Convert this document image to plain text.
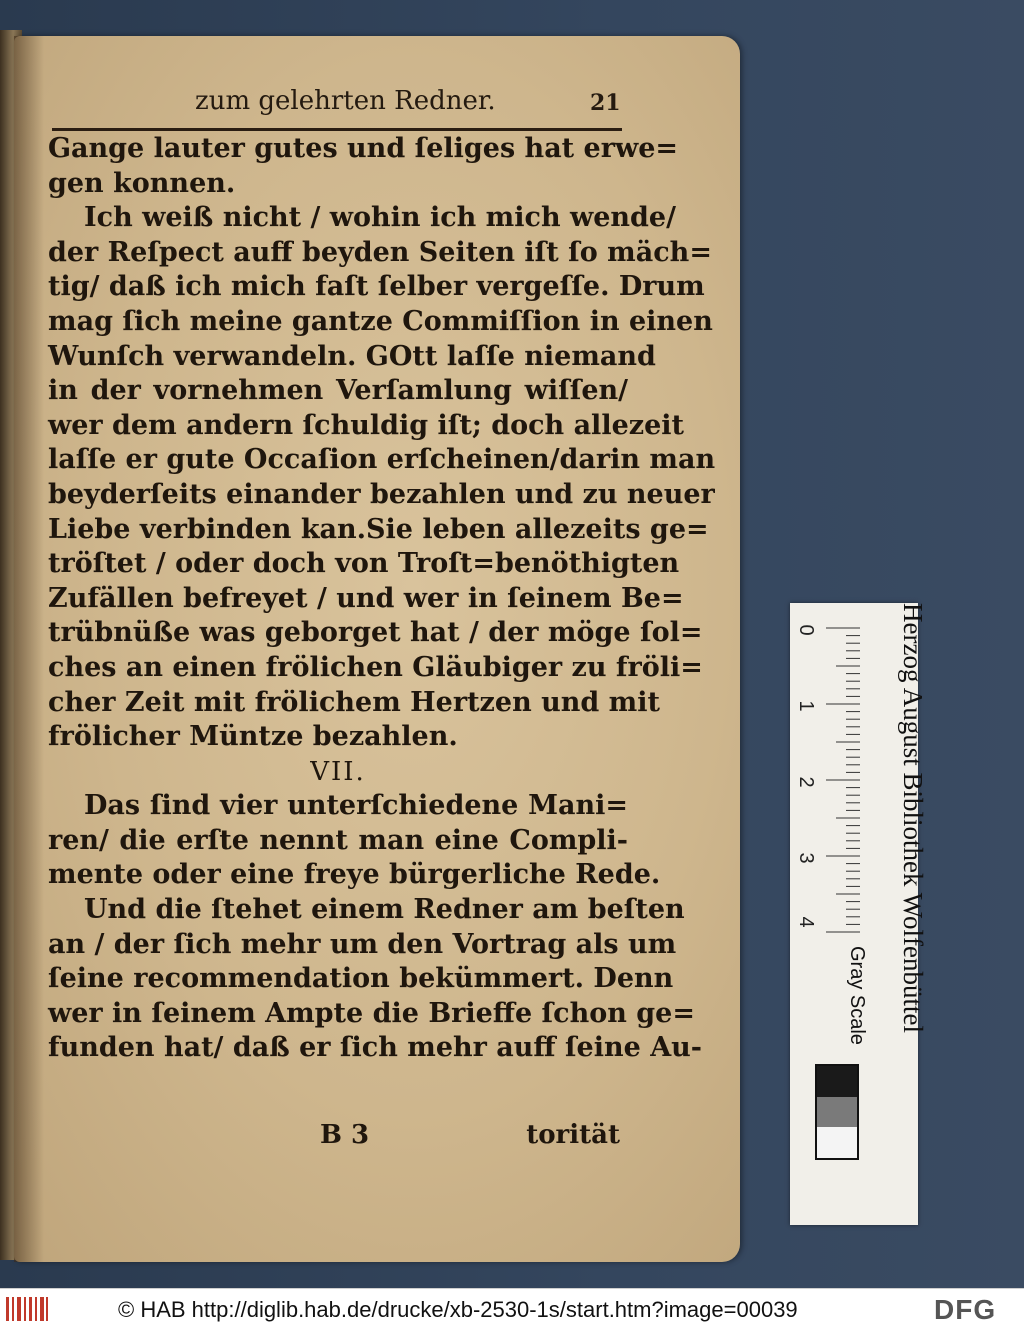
zum gelehrten Redner.	21
Gange lauter gutes und ſeliges hat erwe=
gen konnen.
Ich weiß nicht / wohin ich mich wende/
der Reſpect auff beyden Seiten iſt ſo mäch=
tig/ daß ich mich faſt ſelber vergeſſe. Drum
mag ſich meine gantze Commiſſion in einen
Wunſch verwandeln. GOtt laſſe niemand
in der vornehmen Verſamlung wiſſen/
wer dem andern ſchuldig iſt; doch allezeit
laſſe er gute Occaſion erſcheinen/darin man
beyderſeits einander bezahlen und zu neuer
Liebe verbinden kan.Sie leben allezeits ge=
tröſtet / oder doch von Troſt=benöthigten
Zufällen befreyet / und wer in ſeinem Be=
trübnüße was geborget hat / der möge ſol=
ches an einen frölichen Gläubiger zu fröli=
cher Zeit mit frölichem Hertzen und mit
frölicher Müntze bezahlen.
VII.
Das ſind vier unterſchiedene Mani=
ren/ die erſte nennt man eine Compli-
mente oder eine freye bürgerliche Rede.
Und die ſtehet einem Redner am beſten
an / der ſich mehr um den Vortrag als um
ſeine recommendation bekümmert. Denn
wer in ſeinem Ampte die Brieffe ſchon ge=
funden hat/ daß er ſich mehr auff ſeine Au-
B 3	torität
Herzog August Bibliothek Wolfenbüttel
Gray Scale
0
1
2
3
4
© HAB http://diglib.hab.de/drucke/xb-2530-1s/start.htm?image=00039	DFG
